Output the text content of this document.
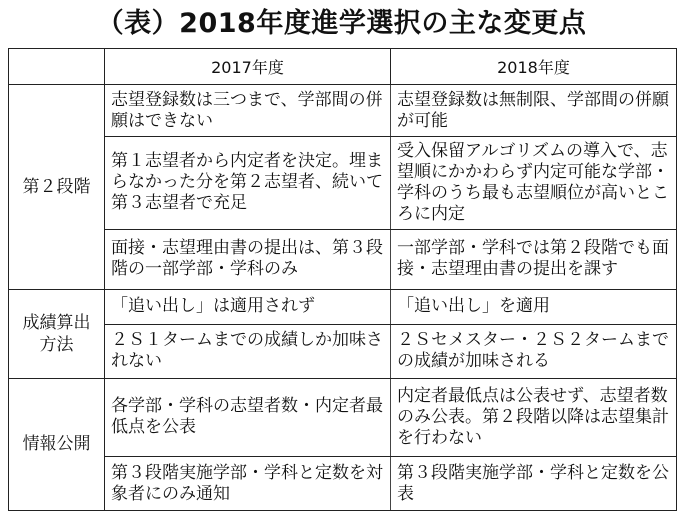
（表）2018年度進学選択の主な変更点
	2017年度	2018年度
第２段階	志望登録数は三つまで、学部間の併願はできない	志望登録数は無制限、学部間の併願が可能
	第１志望者から内定者を決定。埋まらなかった分を第２志望者、続いて第３志望者で充足	受入保留アルゴリズムの導入で、志望順にかかわらず内定可能な学部・学科のうち最も志望順位が高いところに内定
	面接・志望理由書の提出は、第３段階の一部学部・学科のみ	一部学部・学科では第２段階でも面接・志望理由書の提出を課す
成績算出方法	「追い出し」は適用されず	「追い出し」を適用
	２Ｓ１タームまでの成績しか加味されない	２Ｓセメスター・２Ｓ２タームまでの成績が加味される
情報公開	各学部・学科の志望者数・内定者最低点を公表	内定者最低点は公表せず、志望者数のみ公表。第２段階以降は志望集計を行わない
	第３段階実施学部・学科と定数を対象者にのみ通知	第３段階実施学部・学科と定数を公表
